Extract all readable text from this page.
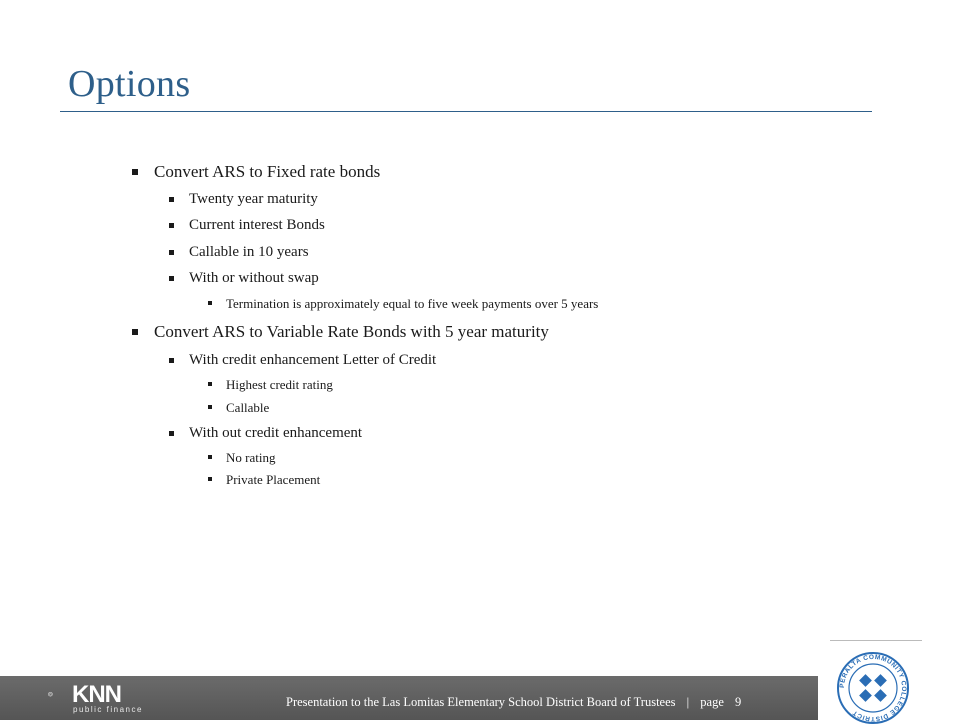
Options
Convert ARS to Fixed rate bonds
Twenty year maturity
Current interest Bonds
Callable in 10 years
With or without swap
Termination is approximately equal to five week payments over 5 years
Convert ARS to Variable Rate Bonds with 5 year maturity
With credit enhancement Letter of Credit
Highest credit rating
Callable
With out credit enhancement
No rating
Private Placement
KNN
public finance
Presentation to the Las Lomitas Elementary School District Board of Trustees | page 9
PERALTA COMMUNITY COLLEGE DISTRICT
